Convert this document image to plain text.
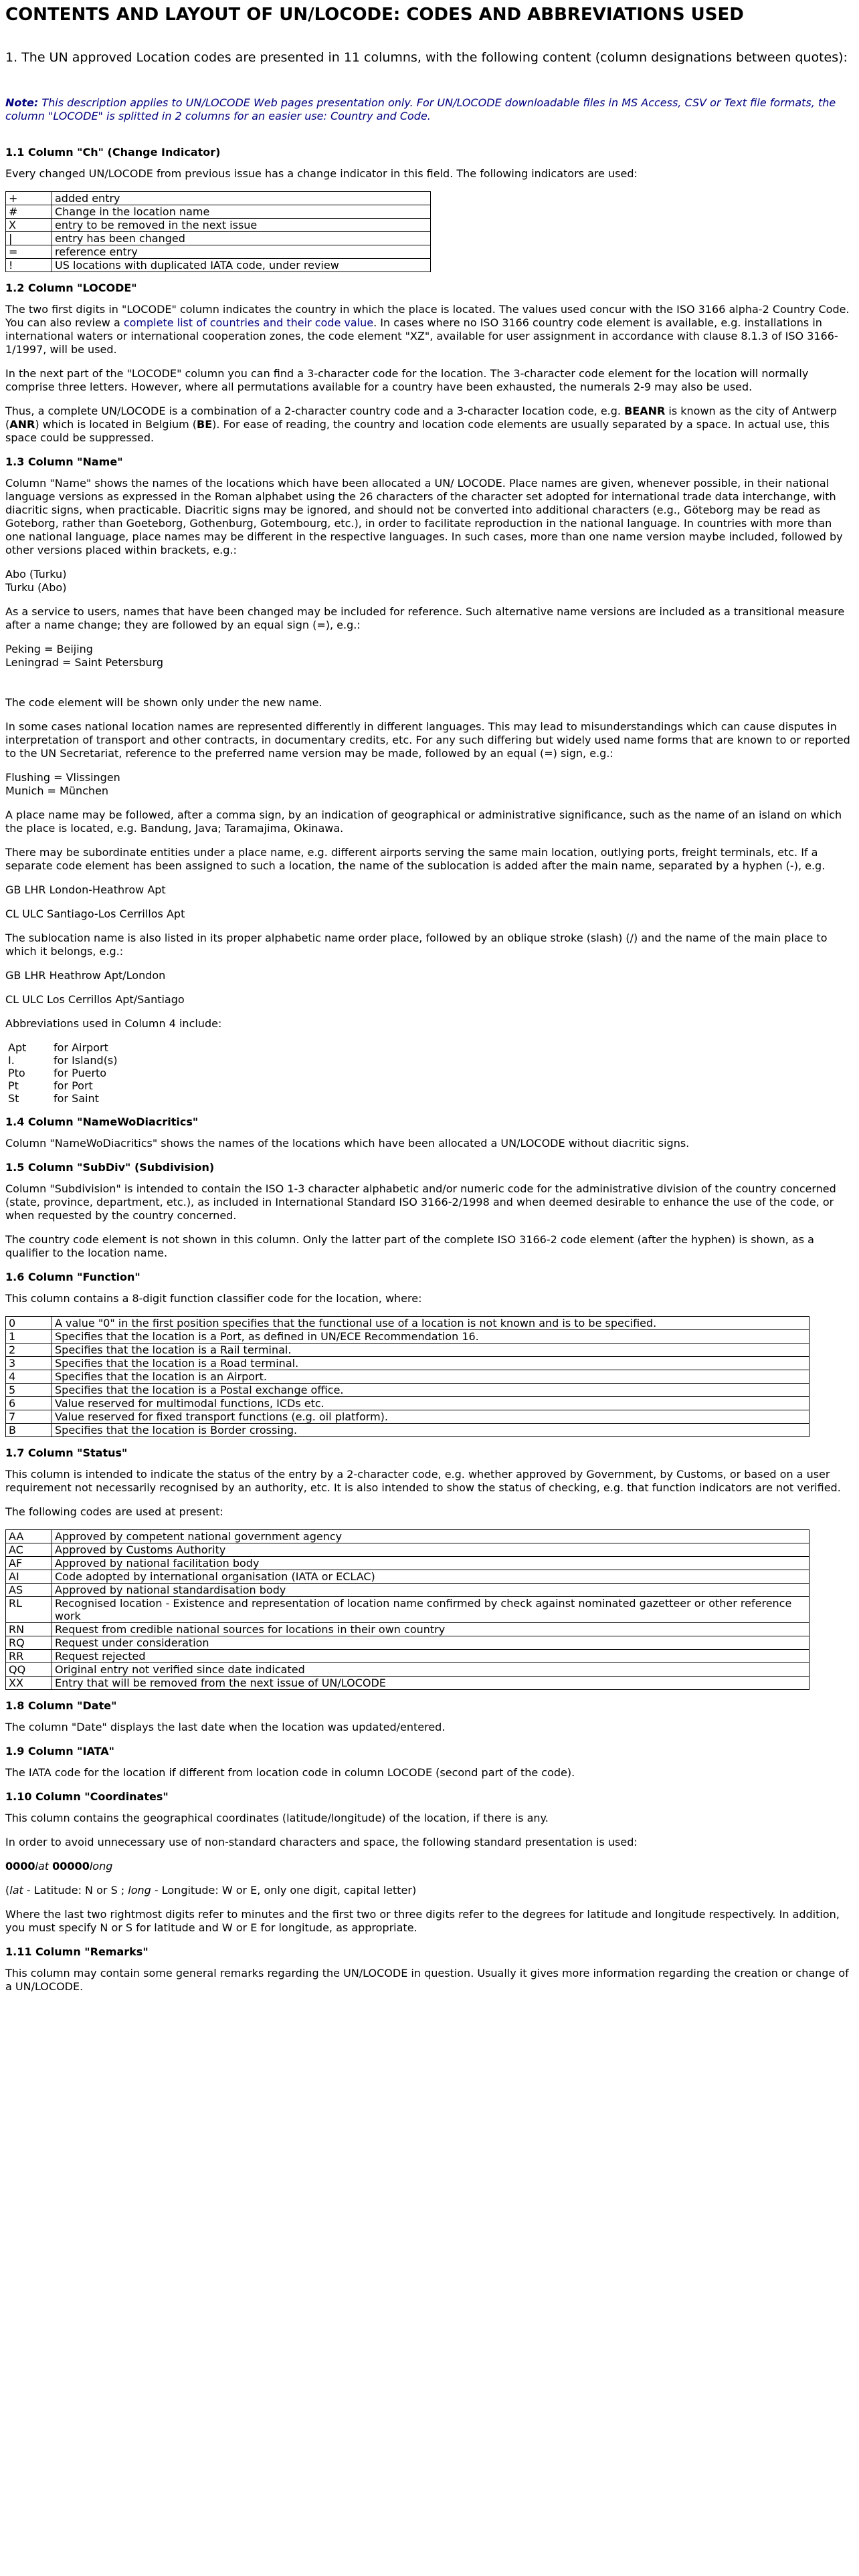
CONTENTS AND LAYOUT OF UN/LOCODE: CODES AND ABBREVIATIONS USED

1. The UN approved Location codes are presented in 11 columns, with the following content (column designations between quotes):

Note: This description applies to UN/LOCODE Web pages presentation only. For UN/LOCODE downloadable files in MS Access, CSV or Text file formats, the column "LOCODE" is splitted in 2 columns for an easier use: Country and Code.

1.1 Column "Ch" (Change Indicator)

Every changed UN/LOCODE from previous issue has a change indicator in this field. The following indicators are used:

+	added entry
#	Change in the location name
X	entry to be removed in the next issue
|	entry has been changed
=	reference entry
!	US locations with duplicated IATA code, under review
1.2 Column "LOCODE"

The two first digits in "LOCODE" column indicates the country in which the place is located. The values used concur with the ISO 3166 alpha-2 Country Code. You can also review a complete list of countries and their code value. In cases where no ISO 3166 country code element is available, e.g. installations in international waters or international cooperation zones, the code element "XZ", available for user assignment in accordance with clause 8.1.3 of ISO 3166-1/1997, will be used.

In the next part of the "LOCODE" column you can find a 3-character code for the location. The 3-character code element for the location will normally comprise three letters. However, where all permutations available for a country have been exhausted, the numerals 2-9 may also be used.

Thus, a complete UN/LOCODE is a combination of a 2-character country code and a 3-character location code, e.g. BEANR is known as the city of Antwerp (ANR) which is located in Belgium (BE). For ease of reading, the country and location code elements are usually separated by a space. In actual use, this space could be suppressed.

1.3 Column "Name"

Column "Name" shows the names of the locations which have been allocated a UN/ LOCODE. Place names are given, whenever possible, in their national language versions as expressed in the Roman alphabet using the 26 characters of the character set adopted for international trade data interchange, with diacritic signs, when practicable. Diacritic signs may be ignored, and should not be converted into additional characters (e.g., Göteborg may be read as Goteborg, rather than Goeteborg, Gothenburg, Gotembourg, etc.), in order to facilitate reproduction in the national language. In countries with more than one national language, place names may be different in the respective languages. In such cases, more than one name version maybe included, followed by other versions placed within brackets, e.g.:

Abo (Turku)

Turku (Abo)

As a service to users, names that have been changed may be included for reference. Such alternative name versions are included as a transitional measure after a name change; they are followed by an equal sign (=), e.g.:

Peking = Beijing

Leningrad = Saint Petersburg

The code element will be shown only under the new name.

In some cases national location names are represented differently in different languages. This may lead to misunderstandings which can cause disputes in interpretation of transport and other contracts, in documentary credits, etc. For any such differing but widely used name forms that are known to or reported to the UN Secretariat, reference to the preferred name version may be made, followed by an equal (=) sign, e.g.:

Flushing = Vlissingen

Munich = München

A place name may be followed, after a comma sign, by an indication of geographical or administrative significance, such as the name of an island on which the place is located, e.g. Bandung, Java; Taramajima, Okinawa.

There may be subordinate entities under a place name, e.g. different airports serving the same main location, outlying ports, freight terminals, etc. If a separate code element has been assigned to such a location, the name of the sublocation is added after the main name, separated by a hyphen (-), e.g.

GB LHR London-Heathrow Apt

CL ULC Santiago-Los Cerrillos Apt

The sublocation name is also listed in its proper alphabetic name order place, followed by an oblique stroke (slash) (/) and the name of the main place to which it belongs, e.g.:

GB LHR Heathrow Apt/London

CL ULC Los Cerrillos Apt/Santiago

Abbreviations used in Column 4 include:

Apt	for Airport
I.	for Island(s)
Pto	for Puerto
Pt	for Port
St	for Saint
1.4 Column "NameWoDiacritics"

Column "NameWoDiacritics" shows the names of the locations which have been allocated a UN/LOCODE without diacritic signs.

1.5 Column "SubDiv" (Subdivision)

Column "Subdivision" is intended to contain the ISO 1-3 character alphabetic and/or numeric code for the administrative division of the country concerned (state, province, department, etc.), as included in International Standard ISO 3166-2/1998 and when deemed desirable to enhance the use of the code, or when requested by the country concerned.

The country code element is not shown in this column. Only the latter part of the complete ISO 3166-2 code element (after the hyphen) is shown, as a qualifier to the location name.

1.6 Column "Function"

This column contains a 8-digit function classifier code for the location, where:

0	A value "0" in the first position specifies that the functional use of a location is not known and is to be specified.
1	Specifies that the location is a Port, as defined in UN/ECE Recommendation 16.
2	Specifies that the location is a Rail terminal.
3	Specifies that the location is a Road terminal.
4	Specifies that the location is an Airport.
5	Specifies that the location is a Postal exchange office.
6	Value reserved for multimodal functions, ICDs etc.
7	Value reserved for fixed transport functions (e.g. oil platform).
B	Specifies that the location is Border crossing.
1.7 Column "Status"

This column is intended to indicate the status of the entry by a 2-character code, e.g. whether approved by Government, by Customs, or based on a user requirement not necessarily recognised by an authority, etc. It is also intended to show the status of checking, e.g. that function indicators are not verified.

The following codes are used at present:

AA	Approved by competent national government agency
AC	Approved by Customs Authority
AF	Approved by national facilitation body
AI	Code adopted by international organisation (IATA or ECLAC)
AS	Approved by national standardisation body
RL	Recognised location - Existence and representation of location name confirmed by check against nominated gazetteer or other reference work
RN	Request from credible national sources for locations in their own country
RQ	Request under consideration
RR	Request rejected
QQ	Original entry not verified since date indicated
XX	Entry that will be removed from the next issue of UN/LOCODE
1.8 Column "Date"

The column "Date" displays the last date when the location was updated/entered.

1.9 Column "IATA"

The IATA code for the location if different from location code in column LOCODE (second part of the code).

1.10 Column "Coordinates"

This column contains the geographical coordinates (latitude/longitude) of the location, if there is any.

In order to avoid unnecessary use of non-standard characters and space, the following standard presentation is used:

0000lat 00000long

(lat - Latitude: N or S ; long - Longitude: W or E, only one digit, capital letter)

Where the last two rightmost digits refer to minutes and the first two or three digits refer to the degrees for latitude and longitude respectively. In addition, you must specify N or S for latitude and W or E for longitude, as appropriate.

1.11 Column "Remarks"

This column may contain some general remarks regarding the UN/LOCODE in question. Usually it gives more information regarding the creation or change of a UN/LOCODE.
